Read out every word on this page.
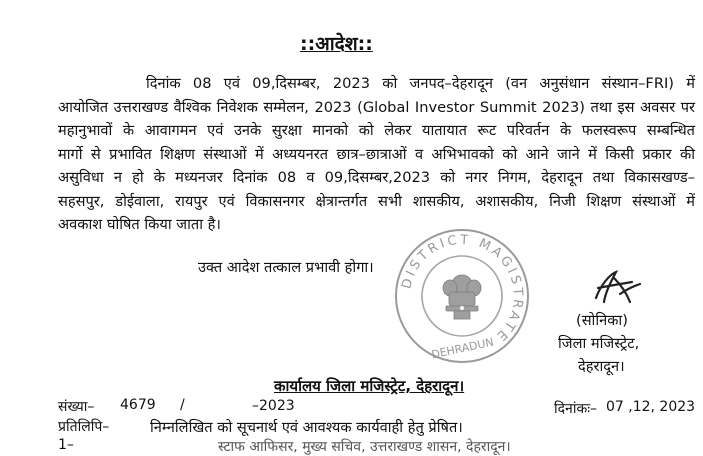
::आदेश::
दिनांक 08 एवं 09,दिसम्बर, 2023 को जनपद–देहरादून (वन अनुसंधान संस्थान–FRI) में
आयोजित उत्तराखण्ड वैश्विक निवेशक सम्मेलन, 2023 (Global Investor Summit 2023) तथा इस अवसर पर
महानुभावों के आवागमन एवं उनके सुरक्षा मानको को लेकर यातायात रूट परिवर्तन के फलस्वरूप सम्बन्धित
मार्गो से प्रभावित शिक्षण संस्थाओं में अध्ययनरत छात्र–छात्राओं व अभिभावको को आने जाने में किसी प्रकार की
असुविधा न हो के मध्यनजर दिनांक 08 व 09,दिसम्बर,2023 को नगर निगम, देहरादून तथा विकासखण्ड–
सहसपुर, डोईवाला, रायपुर एवं विकासनगर क्षेत्रान्तर्गत सभी शासकीय, अशासकीय, निजी शिक्षण संस्थाओं में
अवकाश घोषित किया जाता है।
उक्त आदेश तत्काल प्रभावी होगा।
DISTRICT MAGISTRATE
DEHRADUN
(सोनिका)
जिला मजिस्ट्रेट,
देहरादून।
कार्यालय जिला मजिस्ट्रेट, देहरादून।
संख्या– 4679 /	–2023	दिनांकः– 07 ,12, 2023
प्रतिलिपि–	निम्नलिखित को सूचनार्थ एवं आवश्यक कार्यवाही हेतु प्रेषित।
1–	स्टाफ आफिसर, मुख्य सचिव, उत्तराखण्ड शासन, देहरादून।
